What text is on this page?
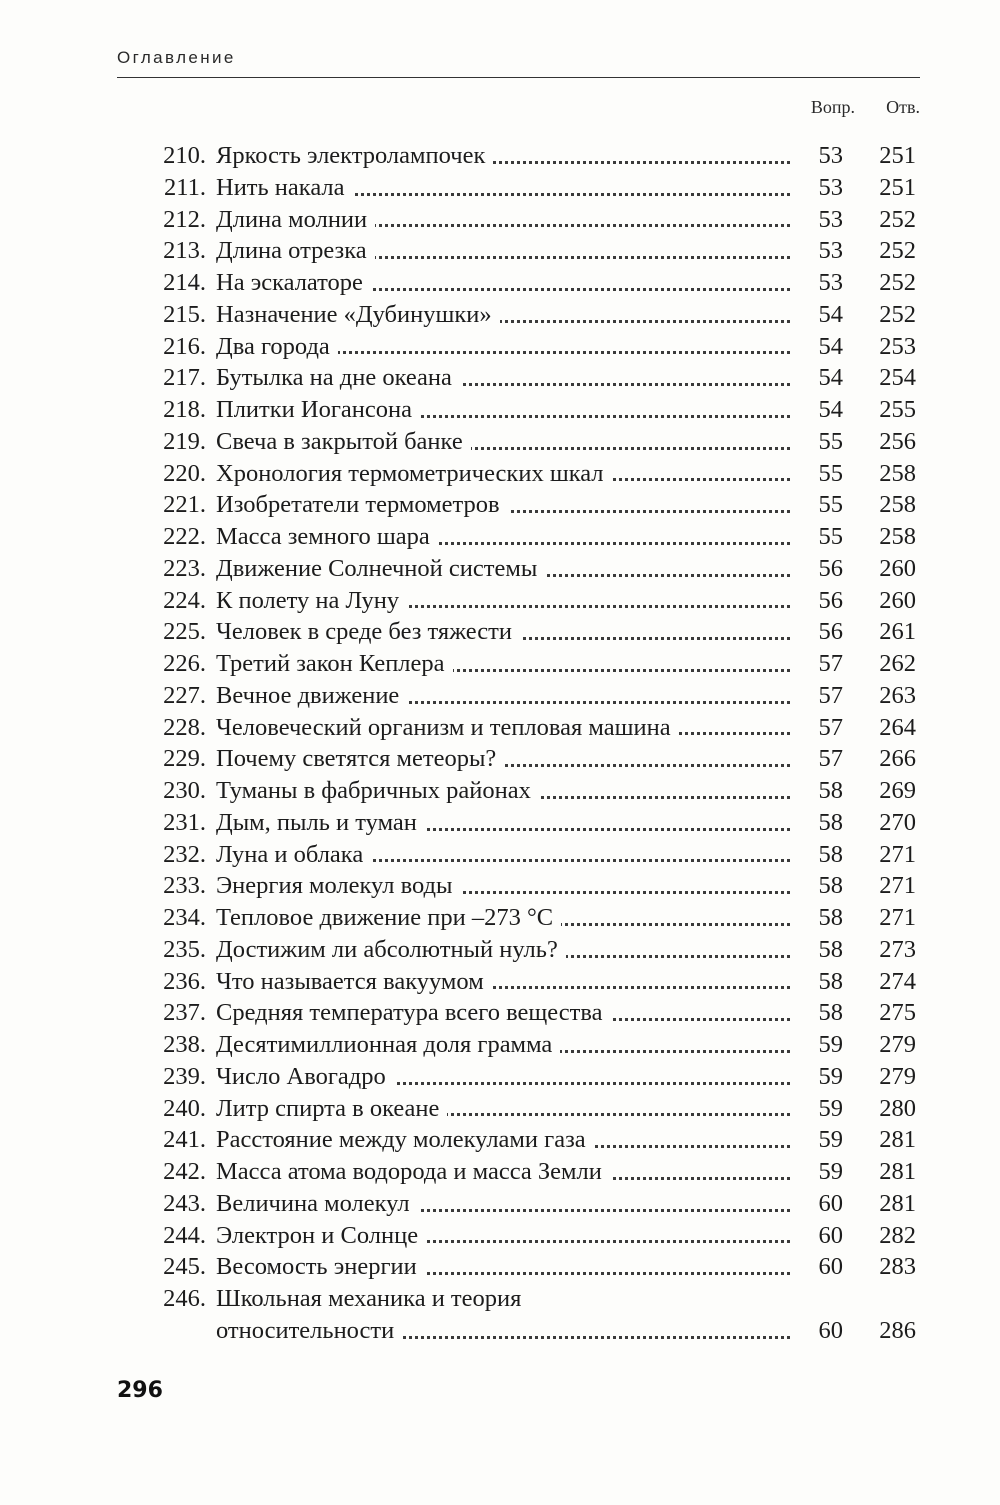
Оглавление
Вопр. Отв.
210. Яркость электролампочек	53	251
211. Нить накала	53	251
212. Длина молнии	53	252
213. Длина отрезка	53	252
214. На эскалаторе	53	252
215. Назначение «Дубинушки»	54	252
216. Два города	54	253
217. Бутылка на дне океана	54	254
218. Плитки Иогансона	54	255
219. Свеча в закрытой банке	55	256
220. Хронология термометрических шкал	55	258
221. Изобретатели термометров	55	258
222. Масса земного шара	55	258
223. Движение Солнечной системы	56	260
224. К полету на Луну	56	260
225. Человек в среде без тяжести	56	261
226. Третий закон Кеплера	57	262
227. Вечное движение	57	263
228. Человеческий организм и тепловая машина	57	264
229. Почему светятся метеоры?	57	266
230. Туманы в фабричных районах	58	269
231. Дым, пыль и туман	58	270
232. Луна и облака	58	271
233. Энергия молекул воды	58	271
234. Тепловое движение при –273 °С	58	271
235. Достижим ли абсолютный нуль?	58	273
236. Что называется вакуумом	58	274
237. Средняя температура всего вещества	58	275
238. Десятимиллионная доля грамма	59	279
239. Число Авогадро	59	279
240. Литр спирта в океане	59	280
241. Расстояние между молекулами газа	59	281
242. Масса атома водорода и масса Земли	59	281
243. Величина молекул	60	281
244. Электрон и Солнце	60	282
245. Весомость энергии	60	283
246. Школьная механика и теория
относительности	60	286
296
